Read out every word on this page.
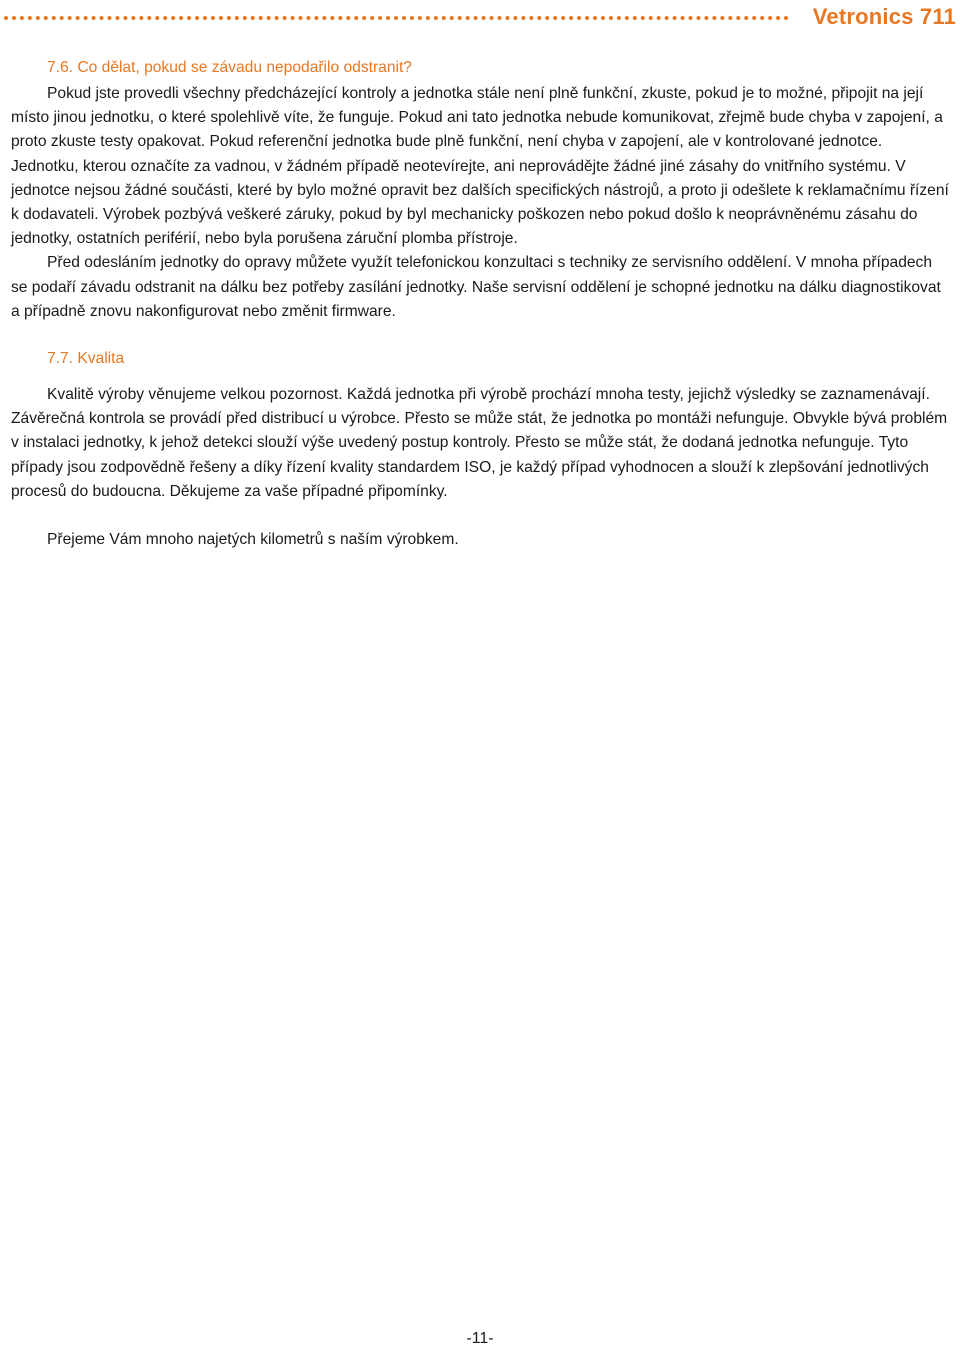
Vetronics 711
7.6. Co dělat, pokud se závadu nepodařilo odstranit?

Pokud jste provedli všechny předcházející kontroly a jednotka stále není plně funkční, zkuste, pokud je to možné, připojit na její místo jinou jednotku, o které spolehlivě víte, že funguje. Pokud ani tato jednotka nebude komunikovat, zřejmě bude chyba v zapojení, a proto zkuste testy opakovat. Pokud referenční jednotka bude plně funkční, není chyba v zapojení, ale v kontrolované jednotce. Jednotku, kterou označíte za vadnou, v žádném případě neotevírejte, ani neprovádějte žádné jiné zásahy do vnitřního systému. V jednotce nejsou žádné součásti, které by bylo možné opravit bez dalších specifických nástrojů, a proto ji odešlete k reklamačnímu řízení k dodavateli. Výrobek pozbývá veškeré záruky, pokud by byl mechanicky poškozen nebo pokud došlo k neoprávněnému zásahu do jednotky, ostatních periférií, nebo byla porušena záruční plomba přístroje.

Před odesláním jednotky do opravy můžete využít telefonickou konzultaci s techniky ze servisního oddělení. V mnoha případech se podaří závadu odstranit na dálku bez potřeby zasílání jednotky. Naše servisní oddělení je schopné jednotku na dálku diagnostikovat a případně znovu nakonfigurovat nebo změnit firmware.

7.7. Kvalita

Kvalitě výroby věnujeme velkou pozornost. Každá jednotka při výrobě prochází mnoha testy, jejichž výsledky se zaznamenávají. Závěrečná kontrola se provádí před distribucí u výrobce. Přesto se může stát, že jednotka po montáži nefunguje. Obvykle bývá problém v instalaci jednotky, k jehož detekci slouží výše uvedený postup kontroly. Přesto se může stát, že dodaná jednotka nefunguje. Tyto případy jsou zodpovědně řešeny a díky řízení kvality standardem ISO, je každý případ vyhodnocen a slouží k zlepšování jednotlivých procesů do budoucna. Děkujeme za vaše případné připomínky.

Přejeme Vám mnoho najetých kilometrů s naším výrobkem.

-11-
